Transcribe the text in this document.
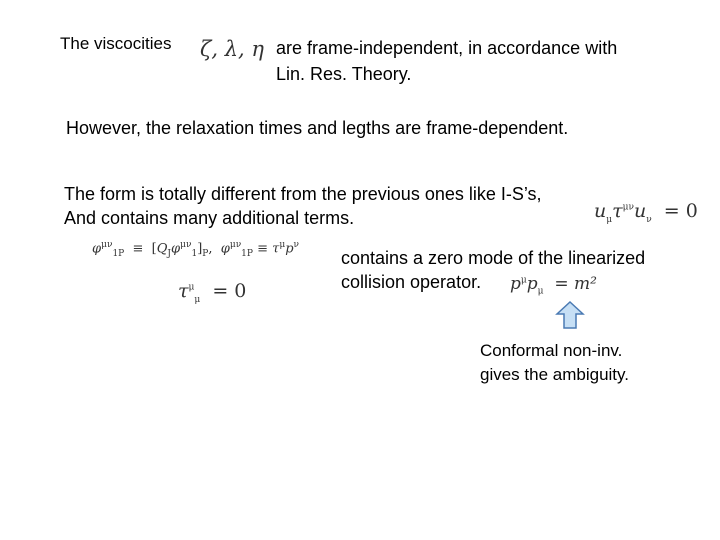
The viscocities ζ, λ, η are frame-independent, in accordance with
Lin. Res. Theory.
However, the relaxation times and legths are frame-dependent.
The form is totally different from the previous ones like I-S’s,
And contains many additional terms.	$u_\mu\tau^{\mu\nu}u_\nu = 0$
$\varphi^{\mu\nu}_{1P} \equiv [Q_J\varphi^{\mu\nu}_1]_P$,  $\varphi^{\mu\nu}_{1P} \equiv \tau^\mu p^\nu$
$\tau^\mu_\mu = 0$
contains a zero mode of the linearized
collision operator. $p^\mu p_\mu = m^2$
Conformal non-inv.
gives the ambiguity.
